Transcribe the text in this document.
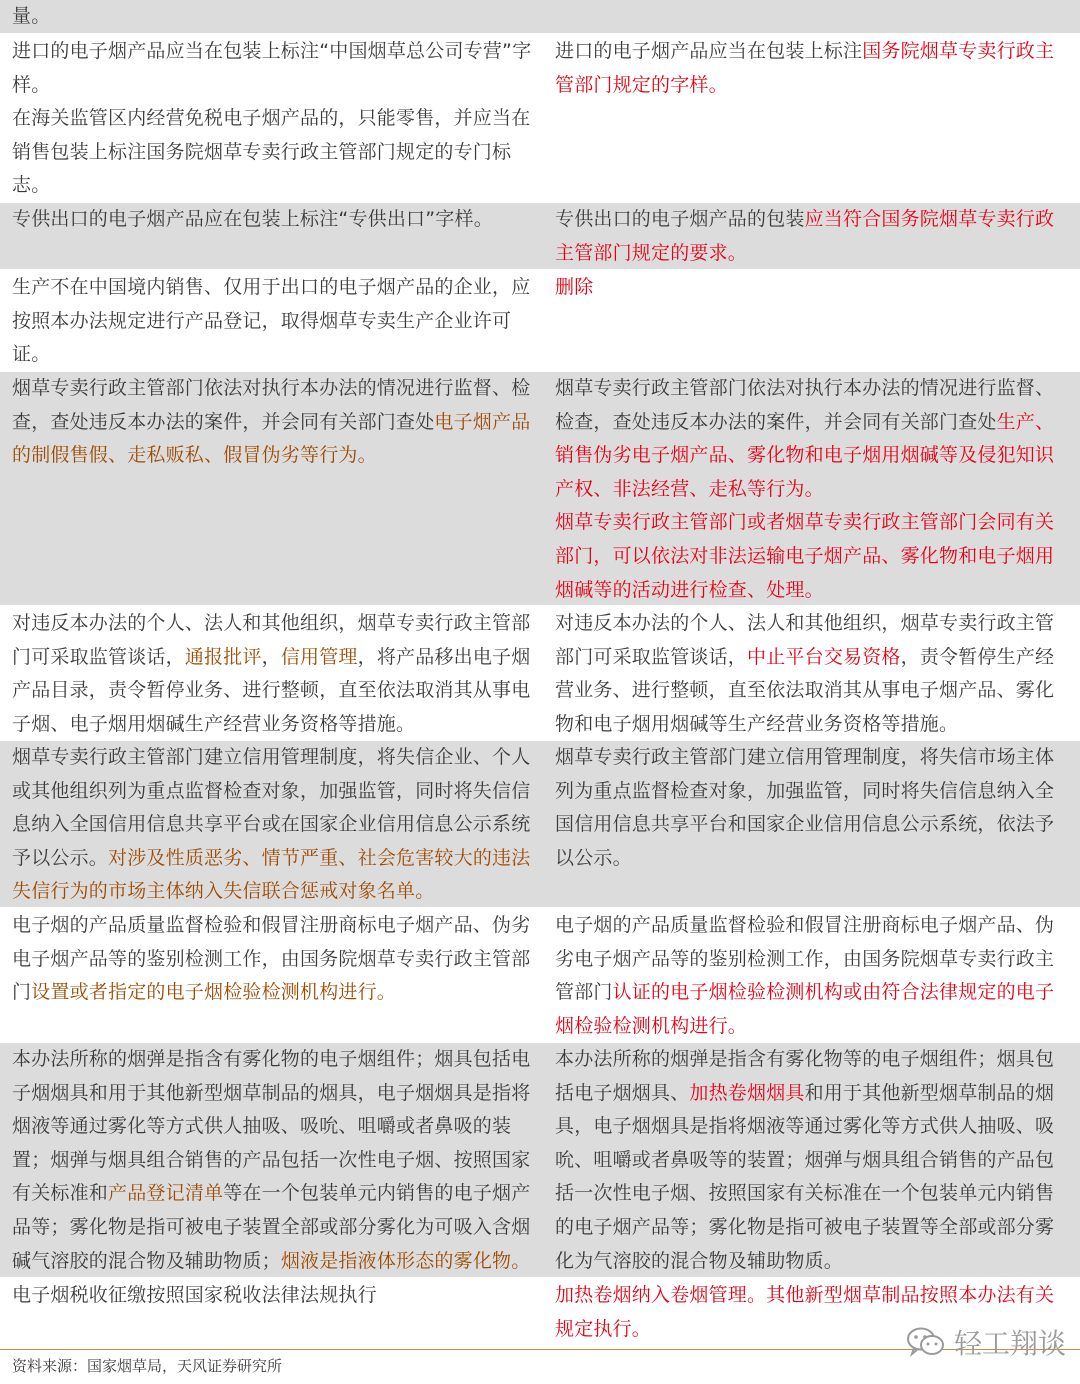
量。
进口的电子烟产品应当在包装上标注“中国烟草总公司专营”字样。
在海关监管区内经营免税电子烟产品的，只能零售，并应当在销售包装上标注国务院烟草专卖行政主管部门规定的专门标志。
进口的电子烟产品应当在包装上标注国务院烟草专卖行政主管部门规定的字样。
专供出口的电子烟产品应在包装上标注“专供出口”字样。	专供出口的电子烟产品的包装应当符合国务院烟草专卖行政主管部门规定的要求。
生产不在中国境内销售、仅用于出口的电子烟产品的企业，应按照本办法规定进行产品登记，取得烟草专卖生产企业许可证。
删除
烟草专卖行政主管部门依法对执行本办法的情况进行监督、检查，查处违反本办法的案件，并会同有关部门查处电子烟产品的制假售假、走私贩私、假冒伪劣等行为。
烟草专卖行政主管部门依法对执行本办法的情况进行监督、检查，查处违反本办法的案件，并会同有关部门查处生产、销售伪劣电子烟产品、雾化物和电子烟用烟碱等及侵犯知识产权、非法经营、走私等行为。
烟草专卖行政主管部门或者烟草专卖行政主管部门会同有关部门，可以依法对非法运输电子烟产品、雾化物和电子烟用烟碱等的活动进行检查、处理。
对违反本办法的个人、法人和其他组织，烟草专卖行政主管部门可采取监管谈话，通报批评，信用管理，将产品移出电子烟产品目录，责令暂停业务、进行整顿，直至依法取消其从事电子烟、电子烟用烟碱生产经营业务资格等措施。
对违反本办法的个人、法人和其他组织，烟草专卖行政主管部门可采取监管谈话，中止平台交易资格，责令暂停生产经营业务、进行整顿，直至依法取消其从事电子烟产品、雾化物和电子烟用烟碱等生产经营业务资格等措施。
烟草专卖行政主管部门建立信用管理制度，将失信企业、个人或其他组织列为重点监督检查对象，加强监管，同时将失信信息纳入全国信用信息共享平台或在国家企业信用信息公示系统予以公示。对涉及性质恶劣、情节严重、社会危害较大的违法失信行为的市场主体纳入失信联合惩戒对象名单。
烟草专卖行政主管部门建立信用管理制度，将失信市场主体列为重点监督检查对象，加强监管，同时将失信信息纳入全国信用信息共享平台和国家企业信用信息公示系统，依法予以公示。
电子烟的产品质量监督检验和假冒注册商标电子烟产品、伪劣电子烟产品等的鉴别检测工作，由国务院烟草专卖行政主管部门设置或者指定的电子烟检验检测机构进行。
电子烟的产品质量监督检验和假冒注册商标电子烟产品、伪劣电子烟产品等的鉴别检测工作，由国务院烟草专卖行政主管部门认证的电子烟检验检测机构或由符合法律规定的电子烟检验检测机构进行。
本办法所称的烟弹是指含有雾化物的电子烟组件；烟具包括电子烟烟具和用于其他新型烟草制品的烟具，电子烟烟具是指将烟液等通过雾化等方式供人抽吸、吸吮、咀嚼或者鼻吸的装置；烟弹与烟具组合销售的产品包括一次性电子烟、按照国家有关标准和产品登记清单等在一个包装单元内销售的电子烟产品等；雾化物是指可被电子装置全部或部分雾化为可吸入含烟碱气溶胶的混合物及辅助物质；烟液是指液体形态的雾化物。
本办法所称的烟弹是指含有雾化物等的电子烟组件；烟具包括电子烟烟具、加热卷烟烟具和用于其他新型烟草制品的烟具，电子烟烟具是指将烟液等通过雾化等方式供人抽吸、吸吮、咀嚼或者鼻吸等的装置；烟弹与烟具组合销售的产品包括一次性电子烟、按照国家有关标准在一个包装单元内销售的电子烟产品等；雾化物是指可被电子装置等全部或部分雾化为气溶胶的混合物及辅助物质。
电子烟税收征缴按照国家税收法律法规执行	加热卷烟纳入卷烟管理。其他新型烟草制品按照本办法有关规定执行。
资料来源：国家烟草局，天风证券研究所
轻工翔谈
